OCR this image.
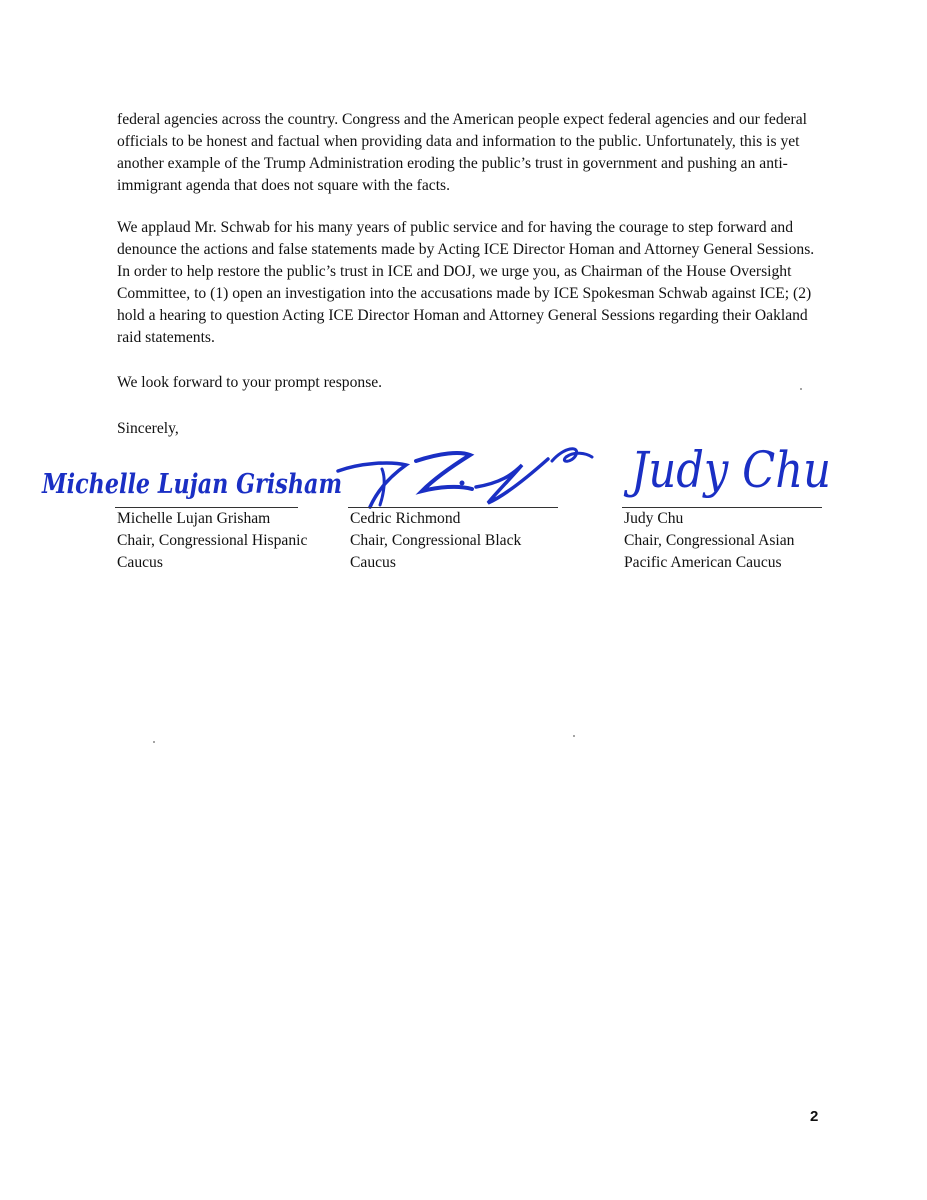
federal agencies across the country. Congress and the American people expect federal agencies and our federal officials to be honest and factual when providing data and information to the public. Unfortunately, this is yet another example of the Trump Administration eroding the public’s trust in government and pushing an anti-immigrant agenda that does not square with the facts.

We applaud Mr. Schwab for his many years of public service and for having the courage to step forward and denounce the actions and false statements made by Acting ICE Director Homan and Attorney General Sessions. In order to help restore the public’s trust in ICE and DOJ, we urge you, as Chairman of the House Oversight Committee, to (1) open an investigation into the accusations made by ICE Spokesman Schwab against ICE; (2) hold a hearing to question Acting ICE Director Homan and Attorney General Sessions regarding their Oakland raid statements.

We look forward to your prompt response.

Sincerely,

Michelle Lujan Grisham	Judy Chu
Michelle Lujan Grisham
Chair, Congressional Hispanic
Caucus
Cedric Richmond
Chair, Congressional Black
Caucus
Judy Chu
Chair, Congressional Asian
Pacific American Caucus
2
